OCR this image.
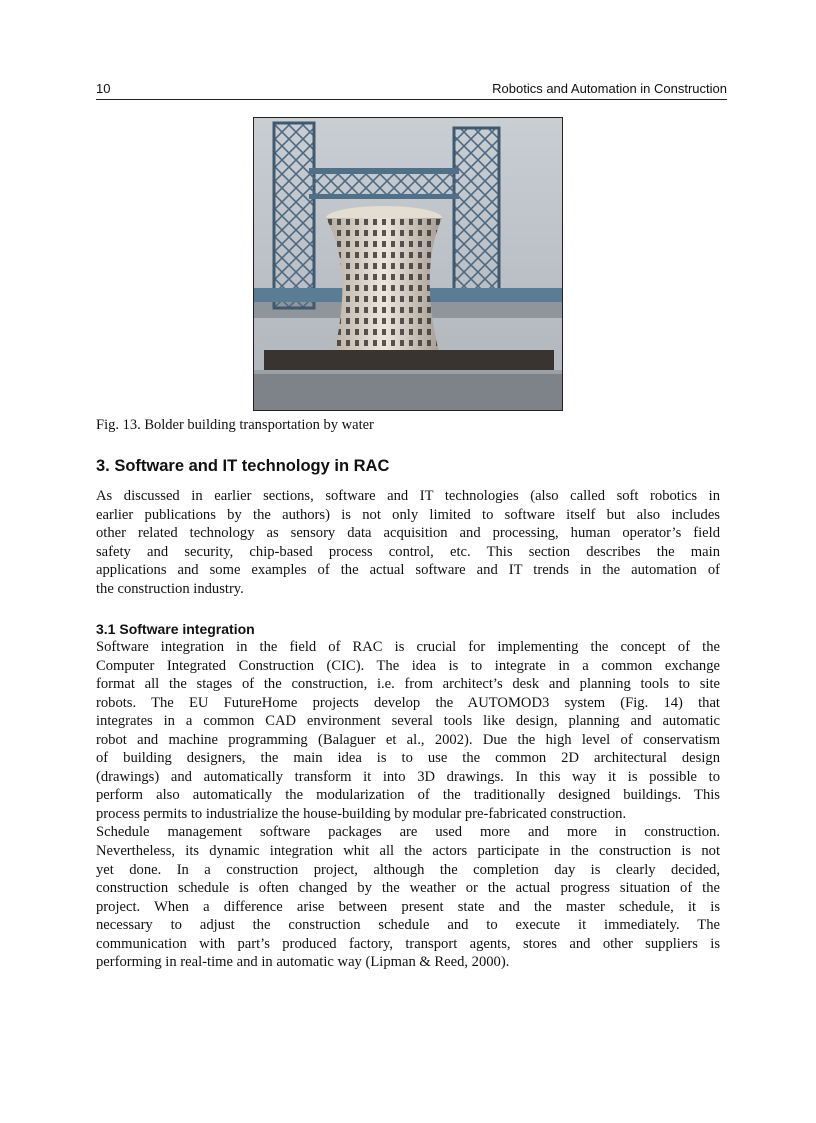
10	Robotics and Automation in Construction
Fig. 13. Bolder building transportation by water
3. Software and IT technology in RAC
As discussed in earlier sections, software and IT technologies (also called soft robotics in
earlier publications by the authors) is not only limited to software itself but also includes
other related technology as sensory data acquisition and processing, human operator’s field
safety and security, chip-based process control, etc. This section describes the main
applications and some examples of the actual software and IT trends in the automation of
the construction industry.
3.1 Software integration
Software integration in the field of RAC is crucial for implementing the concept of the
Computer Integrated Construction (CIC). The idea is to integrate in a common exchange
format all the stages of the construction, i.e. from architect’s desk and planning tools to site
robots. The EU FutureHome projects develop the AUTOMOD3 system (Fig. 14) that
integrates in a common CAD environment several tools like design, planning and automatic
robot and machine programming (Balaguer et al., 2002). Due the high level of conservatism
of building designers, the main idea is to use the common 2D architectural design
(drawings) and automatically transform it into 3D drawings. In this way it is possible to
perform also automatically the modularization of the traditionally designed buildings. This
process permits to industrialize the house-building by modular pre-fabricated construction.
Schedule management software packages are used more and more in construction.
Nevertheless, its dynamic integration whit all the actors participate in the construction is not
yet done. In a construction project, although the completion day is clearly decided,
construction schedule is often changed by the weather or the actual progress situation of the
project. When a difference arise between present state and the master schedule, it is
necessary to adjust the construction schedule and to execute it immediately. The
communication with part’s produced factory, transport agents, stores and other suppliers is
performing in real-time and in automatic way (Lipman & Reed, 2000).
